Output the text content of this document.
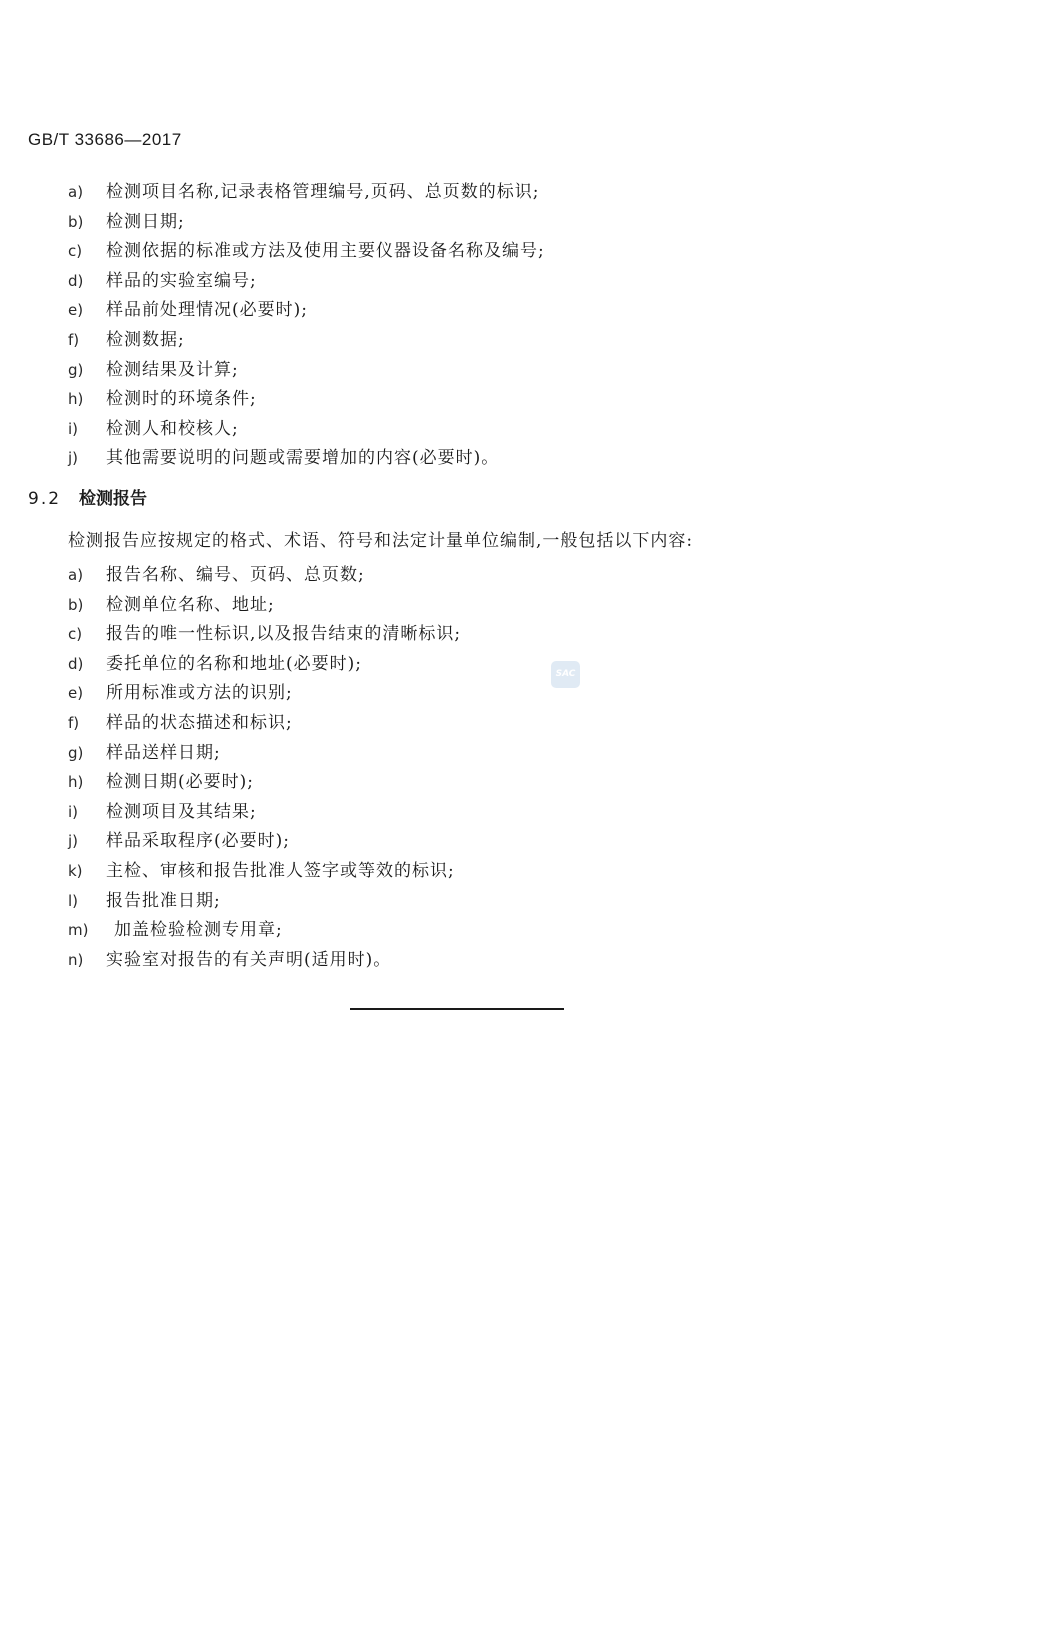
GB/T 33686—2017
a)	检测项目名称,记录表格管理编号,页码、总页数的标识;
b)	检测日期;
c)	检测依据的标准或方法及使用主要仪器设备名称及编号;
d)	样品的实验室编号;
e)	样品前处理情况(必要时);
f)	检测数据;
g)	检测结果及计算;
h)	检测时的环境条件;
i)	检测人和校核人;
j)	其他需要说明的问题或需要增加的内容(必要时)。
9.2 检测报告
检测报告应按规定的格式、术语、符号和法定计量单位编制,一般包括以下内容:
a)	报告名称、编号、页码、总页数;
b)	检测单位名称、地址;
c)	报告的唯一性标识,以及报告结束的清晰标识;
d)	委托单位的名称和地址(必要时);
e)	所用标准或方法的识别;
f)	样品的状态描述和标识;
g)	样品送样日期;
h)	检测日期(必要时);
i)	检测项目及其结果;
j)	样品采取程序(必要时);
k)	主检、审核和报告批准人签字或等效的标识;
l)	报告批准日期;
m)	加盖检验检测专用章;
n)	实验室对报告的有关声明(适用时)。
SAC
